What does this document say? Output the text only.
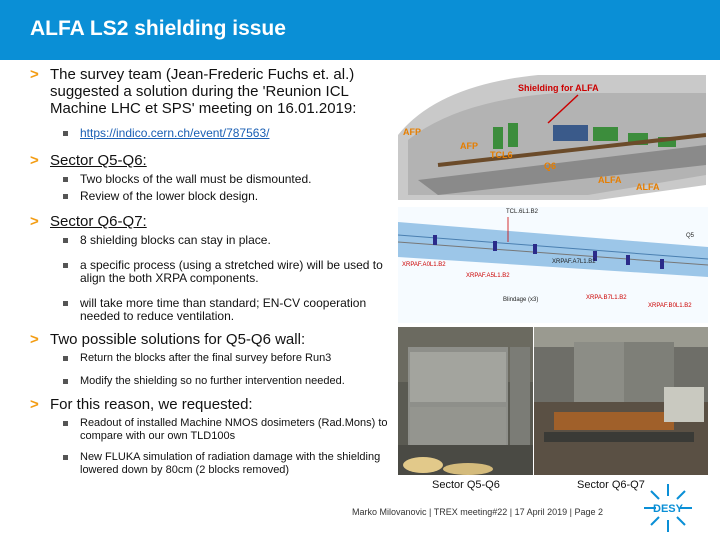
ALFA LS2 shielding issue
> The survey team (Jean-Frederic Fuchs et. al.) suggested a solution during the 'Reunion ICL Machine LHC et SPS' meeting on 16.01.2019:
https://indico.cern.ch/event/787563/
> Sector Q5-Q6:
Two blocks of the wall must be dismounted.
Review of the lower block design.
> Sector Q6-Q7:
8 shielding blocks can stay in place.
a specific process (using a stretched wire) will be used to align the both XRPA components.
will take more time than standard; EN-CV cooperation needed to reduce ventilation.
> Two possible solutions for Q5-Q6 wall:
Return the blocks after the final survey before Run3
Modify the shielding so no further intervention needed.
> For this reason, we requested:
Readout of installed Machine NMOS dosimeters (Rad.Mons) to compare with our own TLD100s
New FLUKA simulation of radiation damage with the shielding lowered down by 80cm (2 blocks removed)
Shielding for ALFA
AFP
AFP
TCL6
Q6
ALFA
ALFA
TCL.6L1.B2
XRPAF.A0L1.B2
XRPAF.A5L1.B2
XRPAF.A7L1.B2
XRPA.B7L1.B2
Blindage (x3)
XRPAF.B0L1.B2
Q5
Sector Q5-Q6	Sector Q6-Q7
Marko Milovanovic | TREX meeting#22 | 17 April 2019 | Page 2	DESY
